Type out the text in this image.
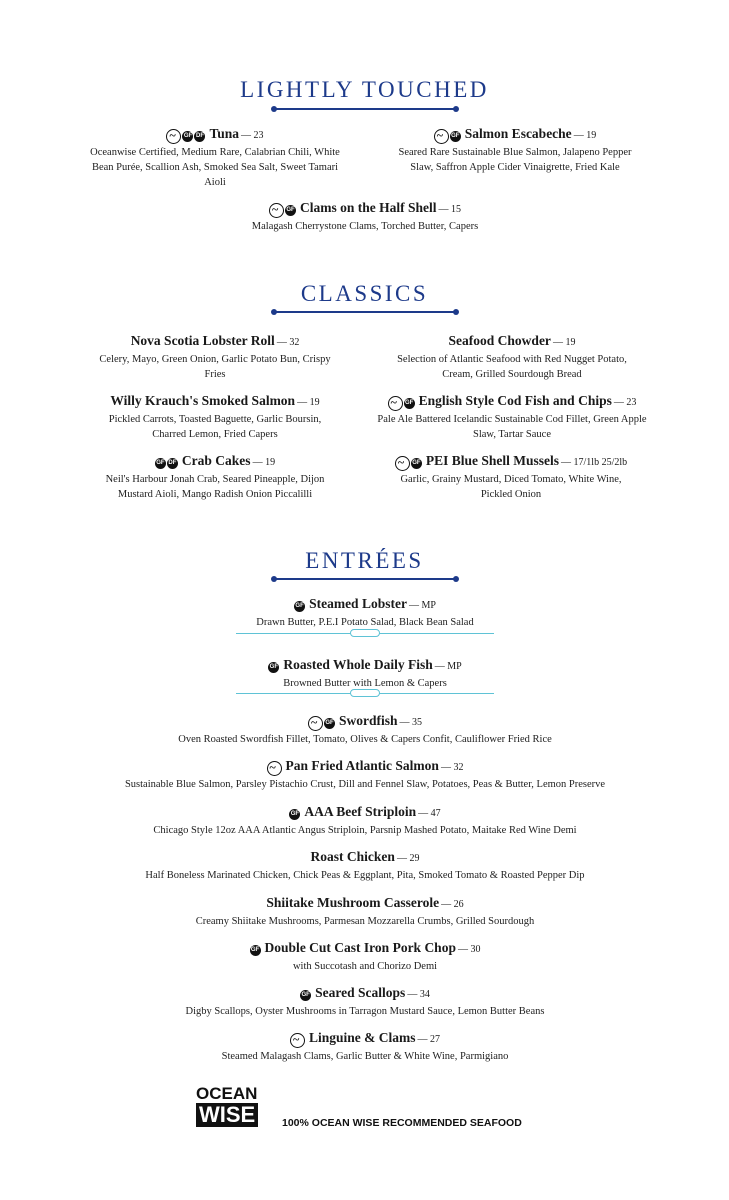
LIGHTLY TOUCHED
~GF DF Tuna — 23
Oceanwise Certified, Medium Rare, Calabrian Chili, White Bean Purée, Scallion Ash, Smoked Sea Salt, Sweet Tamari Aioli
~GF Salmon Escabeche — 19
Seared Rare Sustainable Blue Salmon, Jalapeno Pepper Slaw, Saffron Apple Cider Vinaigrette, Fried Kale
~GF Clams on the Half Shell — 15
Malagash Cherrystone Clams, Torched Butter, Capers
CLASSICS
Nova Scotia Lobster Roll — 32
Celery, Mayo, Green Onion, Garlic Potato Bun, Crispy Fries
Seafood Chowder — 19
Selection of Atlantic Seafood with Red Nugget Potato, Cream, Grilled Sourdough Bread
Willy Krauch's Smoked Salmon — 19
Pickled Carrots, Toasted Baguette, Garlic Boursin, Charred Lemon, Fried Capers
~GF English Style Cod Fish and Chips — 23
Pale Ale Battered Icelandic Sustainable Cod Fillet, Green Apple Slaw, Tartar Sauce
GF DF Crab Cakes — 19
Neil's Harbour Jonah Crab, Seared Pineapple, Dijon Mustard Aioli, Mango Radish Onion Piccalilli
~GF PEI Blue Shell Mussels — 17/1lb 25/2lb
Garlic, Grainy Mustard, Diced Tomato, White Wine, Pickled Onion
ENTRÉES
GF Steamed Lobster — MP
Drawn Butter, P.E.I Potato Salad, Black Bean Salad
GF Roasted Whole Daily Fish — MP
Browned Butter with Lemon & Capers
~GF Swordfish — 35
Oven Roasted Swordfish Fillet, Tomato, Olives & Capers Confit, Cauliflower Fried Rice
~Pan Fried Atlantic Salmon — 32
Sustainable Blue Salmon, Parsley Pistachio Crust, Dill and Fennel Slaw, Potatoes, Peas & Butter, Lemon Preserve
GF AAA Beef Striploin — 47
Chicago Style 12oz AAA Atlantic Angus Striploin, Parsnip Mashed Potato, Maitake Red Wine Demi
Roast Chicken — 29
Half Boneless Marinated Chicken, Chick Peas & Eggplant, Pita, Smoked Tomato & Roasted Pepper Dip
Shiitake Mushroom Casserole — 26
Creamy Shiitake Mushrooms, Parmesan Mozzarella Crumbs, Grilled Sourdough
GF Double Cut Cast Iron Pork Chop — 30
with Succotash and Chorizo Demi
GF Seared Scallops — 34
Digby Scallops, Oyster Mushrooms in Tarragon Mustard Sauce, Lemon Butter Beans
~Linguine & Clams — 27
Steamed Malagash Clams, Garlic Butter & White Wine, Parmigiano
OCEAN
WISE	100% OCEAN WISE RECOMMENDED SEAFOOD
